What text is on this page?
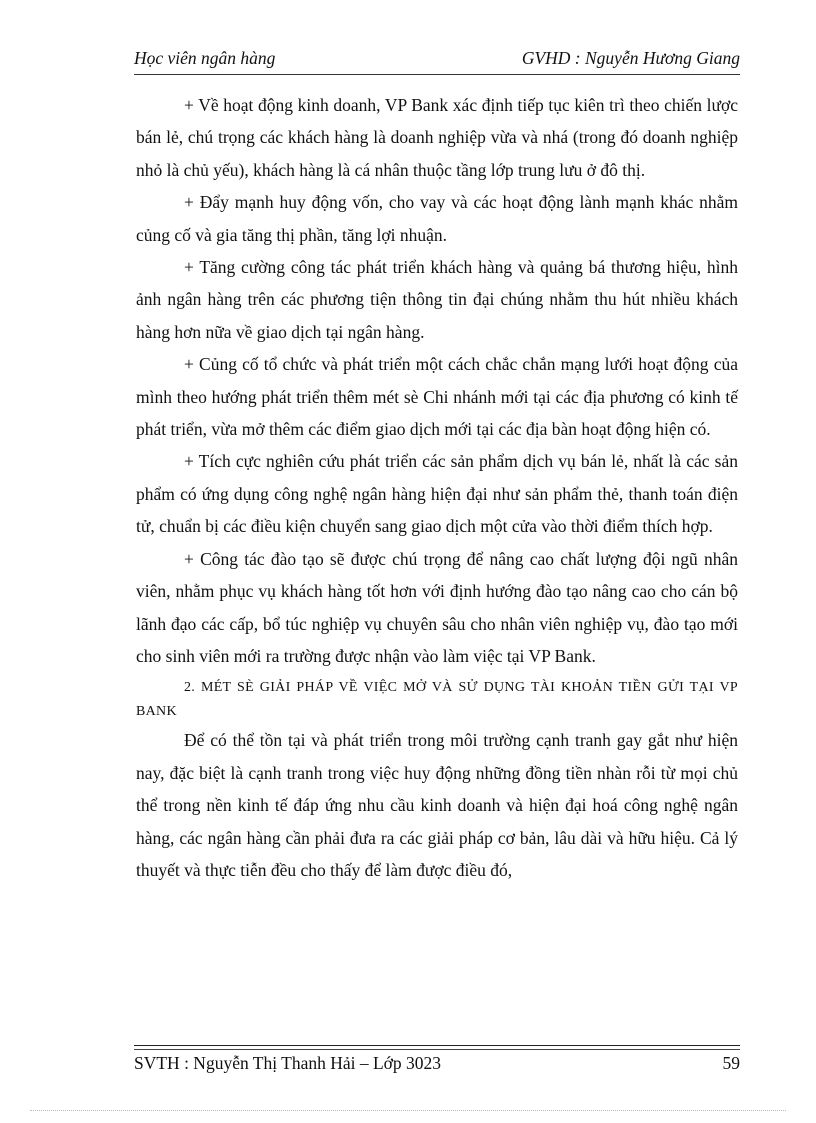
Học viên ngân hàng	GVHD : Nguyễn Hương Giang

+ Về hoạt động kinh doanh, VP Bank xác định tiếp tục kiên trì theo chiến lược bán lẻ, chú trọng các khách hàng là doanh nghiệp vừa và nhá (trong đó doanh nghiệp nhỏ là chủ yếu), khách hàng là cá nhân thuộc tầng lớp trung lưu ở đô thị.

+ Đẩy mạnh huy động vốn, cho vay và các hoạt động lành mạnh khác nhằm củng cố và gia tăng thị phần, tăng lợi nhuận.

+ Tăng cường công tác phát triển khách hàng và quảng bá thương hiệu, hình ảnh ngân hàng trên các phương tiện thông tin đại chúng nhằm thu hút nhiều khách hàng hơn nữa về giao dịch tại ngân hàng.

+ Củng cố tổ chức và phát triển một cách chắc chắn mạng lưới hoạt động của mình theo hướng phát triển thêm mét sè Chi nhánh mới tại các địa phương có kinh tế phát triển, vừa mở thêm các điểm giao dịch mới tại các địa bàn hoạt động hiện có.

+ Tích cực nghiên cứu phát triển các sản phẩm dịch vụ bán lẻ, nhất là các sản phẩm có ứng dụng công nghệ ngân hàng hiện đại như sản phẩm thẻ, thanh toán điện tử, chuẩn bị các điều kiện chuyển sang giao dịch một cửa vào thời điểm thích hợp.

+ Công tác đào tạo sẽ được chú trọng để nâng cao chất lượng đội ngũ nhân viên, nhằm phục vụ khách hàng tốt hơn với định hướng đào tạo nâng cao cho cán bộ lãnh đạo các cấp, bổ túc nghiệp vụ chuyên sâu cho nhân viên nghiệp vụ, đào tạo mới cho sinh viên mới ra trường được nhận vào làm việc tại VP Bank.

2. MÉT SÈ GIẢI PHÁP VỀ VIỆC MỞ VÀ SỬ DỤNG TÀI KHOẢN TIỀN GỬI TẠI VP BANK

Để có thể tồn tại và phát triển trong môi trường cạnh tranh gay gắt như hiện nay, đặc biệt là cạnh tranh trong việc huy động những đồng tiền nhàn rỗi từ mọi chủ thể trong nền kinh tế đáp ứng nhu cầu kinh doanh và hiện đại hoá công nghệ ngân hàng, các ngân hàng cần phải đưa ra các giải pháp cơ bản, lâu dài và hữu hiệu. Cả lý thuyết và thực tiễn đều cho thấy để làm được điều đó,

SVTH : Nguyễn Thị Thanh Hải – Lớp 3023	59
